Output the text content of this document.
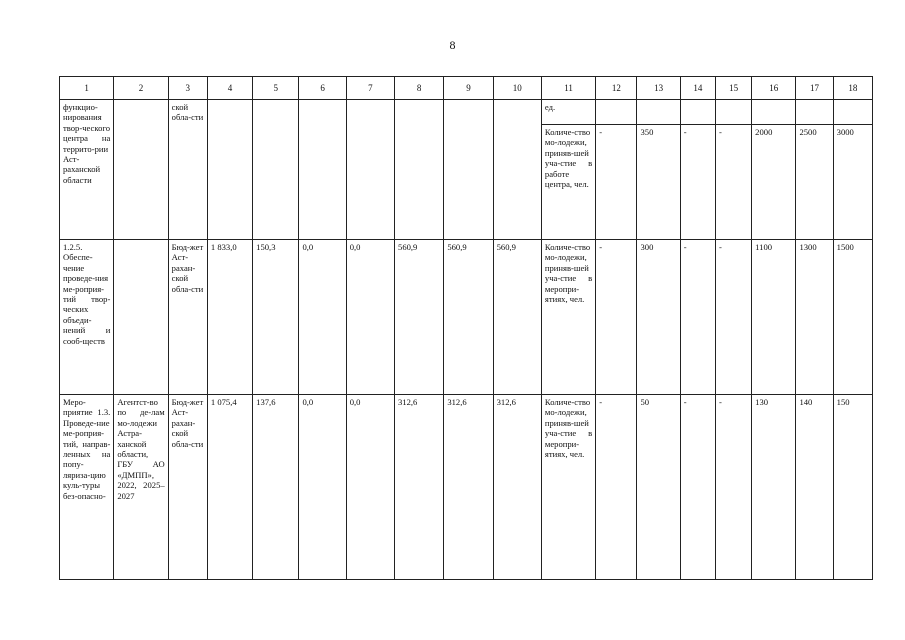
8
1	2	3	4	5	6	7	8	9	10	11	12	13	14	15	16	17	18
функцио-нирования твор-ческого центра на террито-рии Аст-раханской области		ской обла-сти								ед.							
										Количе-ство мо-лодежи, приняв-шей уча-стие в работе центра, чел.	-	350	-	-	2000	2500	3000
1.2.5. Обеспе-чение проведе-ния ме-роприя-тий твор-ческих объеди-нений и сооб-ществ		Бюд-жет Аст-рахан-ской обла-сти	1 833,0	150,3	0,0	0,0	560,9	560,9	560,9	Количе-ство мо-лодежи, приняв-шей уча-стие в меропри-ятиях, чел.	-	300	-	-	1100	1300	1500
Меро-приятие 1.3. Проведе-ние ме-роприя-тий, направ-ленных на попу-ляриза-цию куль-туры без-опасно-	Агентст-во по де-лам мо-лодежи Астра-ханской области, ГБУ АО «ДМПП», 2022, 2025–2027	Бюд-жет Аст-рахан-ской обла-сти	1 075,4	137,6	0,0	0,0	312,6	312,6	312,6	Количе-ство мо-лодежи, приняв-шей уча-стие в меропри-ятиях, чел.	-	50	-	-	130	140	150
